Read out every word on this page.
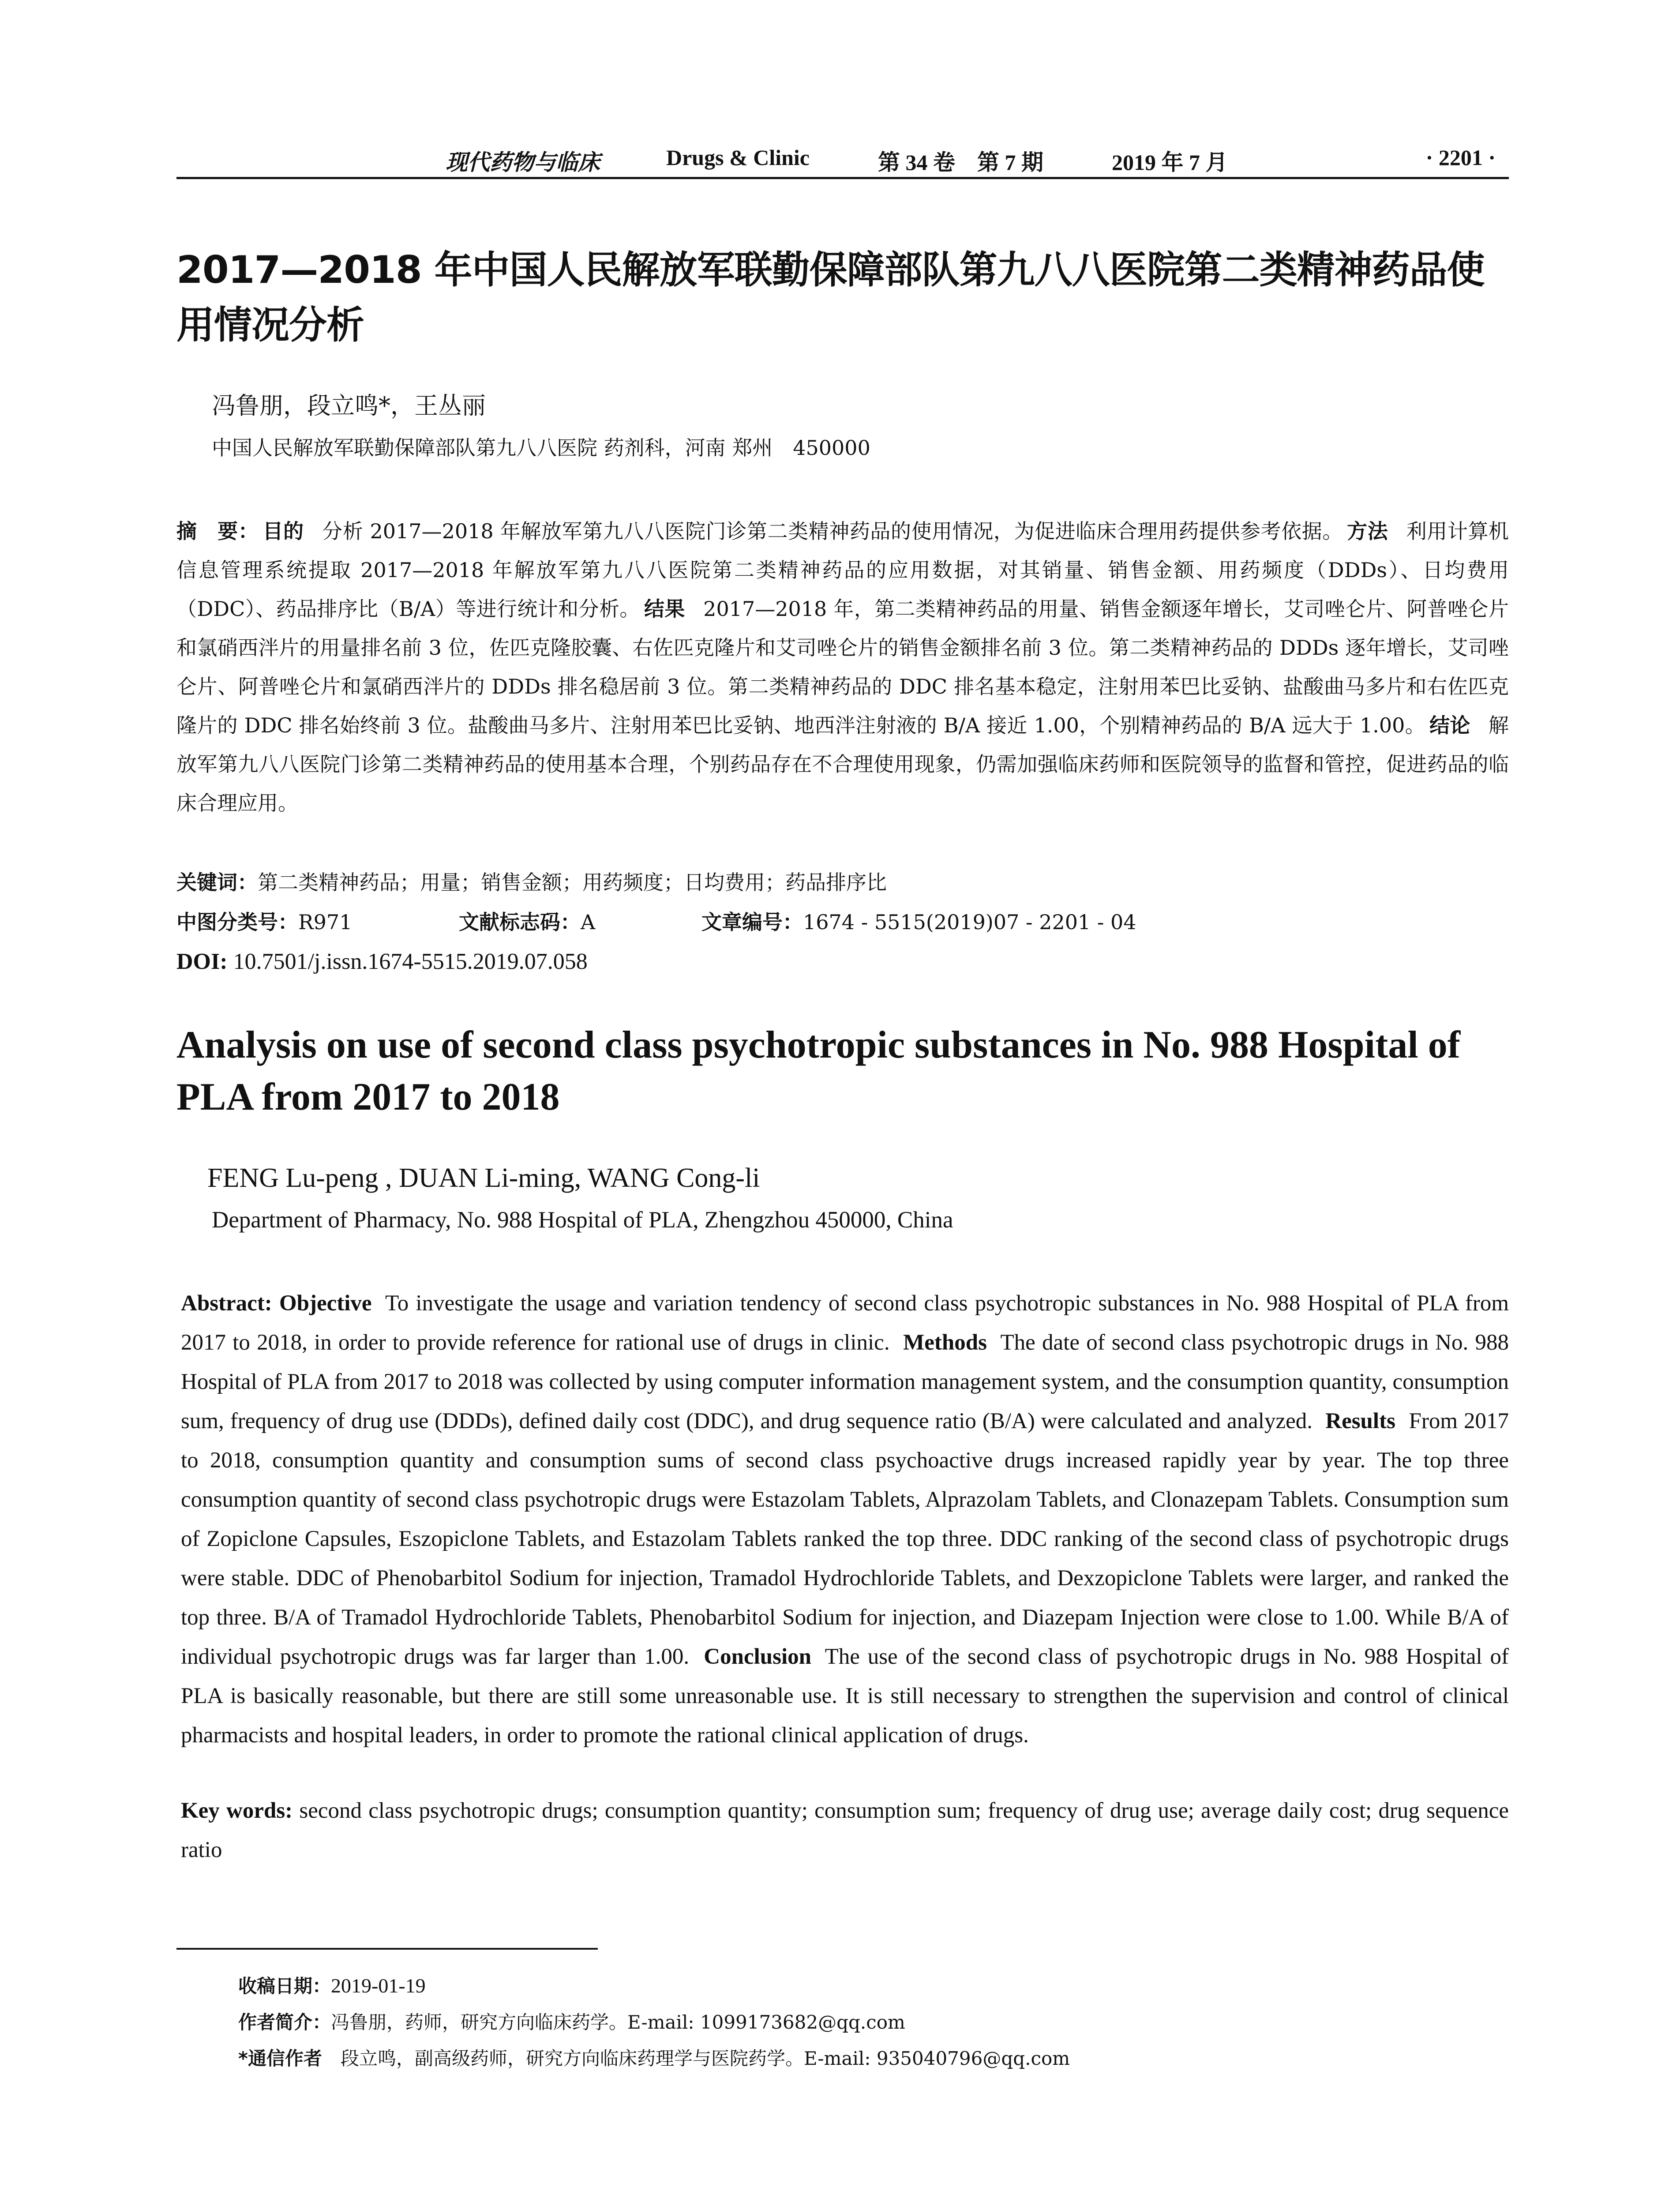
现代药物与临床	Drugs & Clinic	第 34 卷　第 7 期	2019 年 7 月	· 2201 ·
2017—2018 年中国人民解放军联勤保障部队第九八八医院第二类精神药品使用情况分析
冯鲁朋，段立鸣*，王丛丽
中国人民解放军联勤保障部队第九八八医院 药剂科，河南 郑州　450000
摘　要： 目的 分析 2017—2018 年解放军第九八八医院门诊第二类精神药品的使用情况，为促进临床合理用药提供参考依据。 方法 利用计算机信息管理系统提取 2017—2018 年解放军第九八八医院第二类精神药品的应用数据，对其销量、销售金额、用药频度（DDDs）、日均费用（DDC）、药品排序比（B/A）等进行统计和分析。 结果 2017—2018 年，第二类精神药品的用量、销售金额逐年增长，艾司唑仑片、阿普唑仑片和氯硝西泮片的用量排名前 3 位，佐匹克隆胶囊、右佐匹克隆片和艾司唑仑片的销售金额排名前 3 位。第二类精神药品的 DDDs 逐年增长，艾司唑仑片、阿普唑仑片和氯硝西泮片的 DDDs 排名稳居前 3 位。第二类精神药品的 DDC 排名基本稳定，注射用苯巴比妥钠、盐酸曲马多片和右佐匹克隆片的 DDC 排名始终前 3 位。盐酸曲马多片、注射用苯巴比妥钠、地西泮注射液的 B/A 接近 1.00，个别精神药品的 B/A 远大于 1.00。 结论 解放军第九八八医院门诊第二类精神药品的使用基本合理，个别药品存在不合理使用现象，仍需加强临床药师和医院领导的监督和管控，促进药品的临床合理应用。
关键词：第二类精神药品；用量；销售金额；用药频度；日均费用；药品排序比
中图分类号：R971	文献标志码：A	文章编号：1674 - 5515(2019)07 - 2201 - 04
DOI: 10.7501/j.issn.1674-5515.2019.07.058
Analysis on use of second class psychotropic substances in No. 988 Hospital of PLA from 2017 to 2018
FENG Lu-peng , DUAN Li-ming, WANG Cong-li
Department of Pharmacy, No. 988 Hospital of PLA, Zhengzhou 450000, China
Abstract: Objective To investigate the usage and variation tendency of second class psychotropic substances in No. 988 Hospital of PLA from 2017 to 2018, in order to provide reference for rational use of drugs in clinic. Methods The date of second class psychotropic drugs in No. 988 Hospital of PLA from 2017 to 2018 was collected by using computer information management system, and the consumption quantity, consumption sum, frequency of drug use (DDDs), defined daily cost (DDC), and drug sequence ratio (B/A) were calculated and analyzed. Results From 2017 to 2018, consumption quantity and consumption sums of second class psychoactive drugs increased rapidly year by year. The top three consumption quantity of second class psychotropic drugs were Estazolam Tablets, Alprazolam Tablets, and Clonazepam Tablets. Consumption sum of Zopiclone Capsules, Eszopiclone Tablets, and Estazolam Tablets ranked the top three. DDC ranking of the second class of psychotropic drugs were stable. DDC of Phenobarbitol Sodium for injection, Tramadol Hydrochloride Tablets, and Dexzopiclone Tablets were larger, and ranked the top three. B/A of Tramadol Hydrochloride Tablets, Phenobarbitol Sodium for injection, and Diazepam Injection were close to 1.00. While B/A of individual psychotropic drugs was far larger than 1.00. Conclusion The use of the second class of psychotropic drugs in No. 988 Hospital of PLA is basically reasonable, but there are still some unreasonable use. It is still necessary to strengthen the supervision and control of clinical pharmacists and hospital leaders, in order to promote the rational clinical application of drugs.
Key words: second class psychotropic drugs; consumption quantity; consumption sum; frequency of drug use; average daily cost; drug sequence ratio
收稿日期：2019-01-19
作者简介：冯鲁朋，药师，研究方向临床药学。E-mail: 1099173682@qq.com
*通信作者　 段立鸣，副高级药师，研究方向临床药理学与医院药学。E-mail: 935040796@qq.com
